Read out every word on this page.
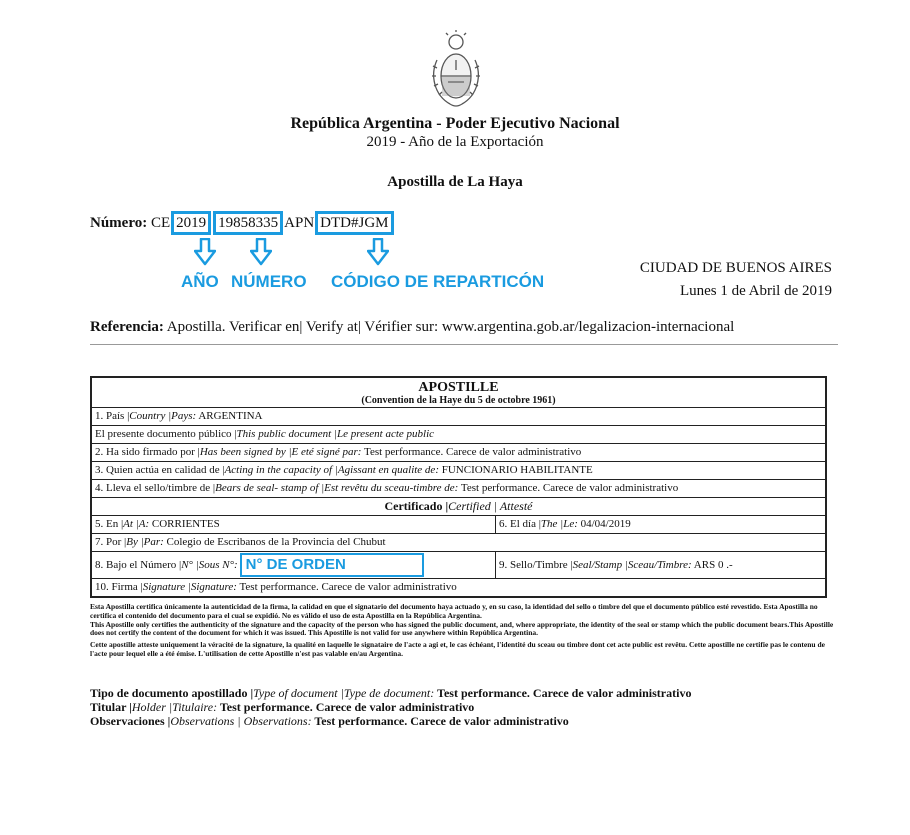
República Argentina - Poder Ejecutivo Nacional
2019 - Año de la Exportación
Apostilla de La Haya
Número: CE 2019 19858335 APN DTD#JGM
AÑO NÚMERO CÓDIGO DE REPARTICÓN
CIUDAD DE BUENOS AIRES
Lunes 1 de Abril de 2019
Referencia: Apostilla. Verificar en| Verify at| Vérifier sur: www.argentina.gob.ar/legalizacion-internacional
APOSTILLE
(Convention de la Haye du 5 de octobre 1961)
1. País |Country |Pays: ARGENTINA
El presente documento público |This public document |Le present acte public
2. Ha sido firmado por |Has been signed by |E eté signé par: Test performance. Carece de valor administrativo
3. Quien actúa en calidad de |Acting in the capacity of |Agissant en qualite de: FUNCIONARIO HABILITANTE
4. Lleva el sello/timbre de |Bears de seal- stamp of |Est revêtu du sceau-timbre de: Test performance. Carece de valor administrativo
Certificado |Certified | Attesté
5. En |At |A: CORRIENTES	6. El día |The |Le: 04/04/2019
7. Por |By |Par: Colegio de Escribanos de la Provincia del Chubut
8. Bajo el Número |N° |Sous N°: N° DE ORDEN	9. Sello/Timbre |Seal/Stamp |Sceau/Timbre: ARS 0 .-
10. Firma |Signature |Signature: Test performance. Carece de valor administrativo

Esta Apostilla certifica únicamente la autenticidad de la firma, la calidad en que el signatario del documento haya actuado y, en su caso, la identidad del sello o timbre del que el documento público esté revestido. Esta Apostilla no certifica el contenido del documento para el cual se expidió. No es válido el uso de esta Apostilla en la República Argentina.

This Apostille only certifies the authenticity of the signature and the capacity of the person who has signed the public document, and, where appropriate, the identity of the seal or stamp which the public document bears.This Apostille does not certify the content of the document for which it was issued. This Apostille is not valid for use anywhere within República Argentina.

Cette apostille atteste uniquement la véracité de la signature, la qualité en laquelle le signataire de l'acte a agi et, le cas échéant, l'identité du sceau ou timbre dont cet acte public est revêtu. Cette apostille ne certifie pas le contenu de l'acte pour lequel elle a été émise. L'utilisation de cette Apostille n'est pas valable en/au Argentina.

Tipo de documento apostillado |Type of document |Type de document: Test performance. Carece de valor administrativo
Titular |Holder |Titulaire: Test performance. Carece de valor administrativo
Observaciones |Observations | Observations: Test performance. Carece de valor administrativo
